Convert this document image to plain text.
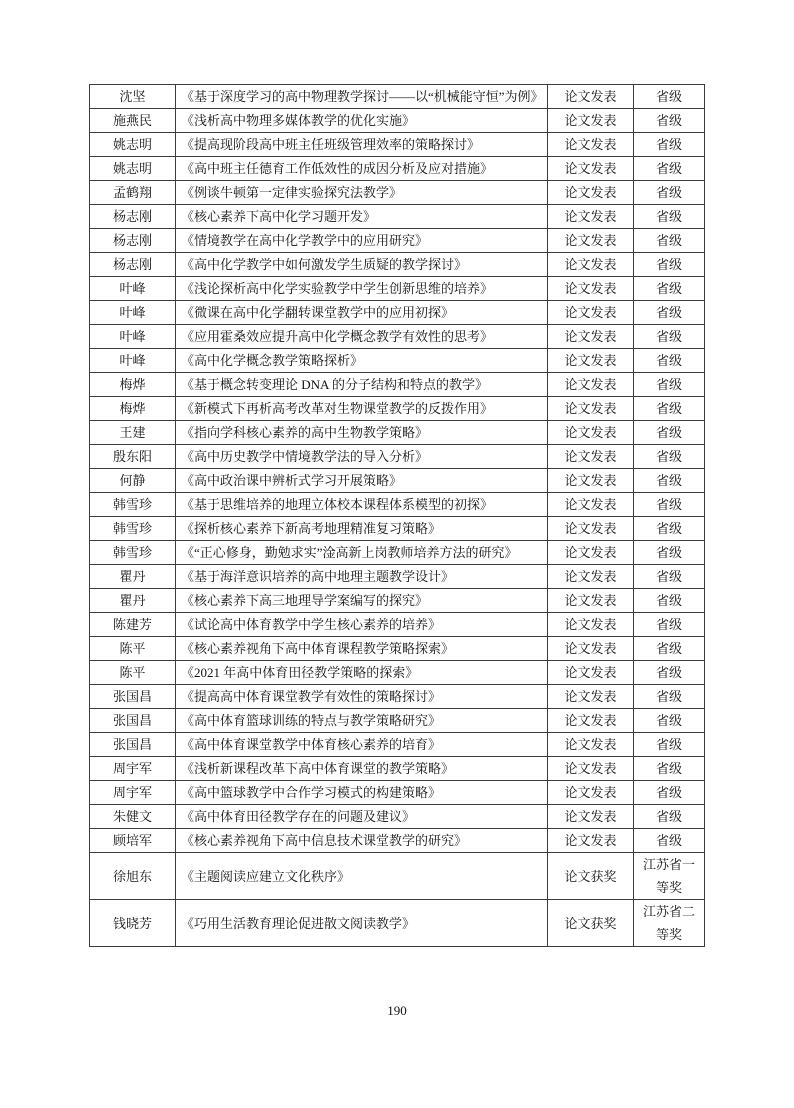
沈坚	《基于深度学习的高中物理教学探讨——以“机械能守恒”为例》	论文发表	省级
施燕民	《浅析高中物理多媒体教学的优化实施》	论文发表	省级
姚志明	《提高现阶段高中班主任班级管理效率的策略探讨》	论文发表	省级
姚志明	《高中班主任德育工作低效性的成因分析及应对措施》	论文发表	省级
孟鹤翔	《例谈牛顿第一定律实验探究法教学》	论文发表	省级
杨志刚	《核心素养下高中化学习题开发》	论文发表	省级
杨志刚	《情境教学在高中化学教学中的应用研究》	论文发表	省级
杨志刚	《高中化学教学中如何激发学生质疑的教学探讨》	论文发表	省级
叶峰	《浅论探析高中化学实验教学中学生创新思维的培养》	论文发表	省级
叶峰	《微课在高中化学翻转课堂教学中的应用初探》	论文发表	省级
叶峰	《应用霍桑效应提升高中化学概念教学有效性的思考》	论文发表	省级
叶峰	《高中化学概念教学策略探析》	论文发表	省级
梅烨	《基于概念转变理论 DNA 的分子结构和特点的教学》	论文发表	省级
梅烨	《新模式下再析高考改革对生物课堂教学的反拨作用》	论文发表	省级
王建	《指向学科核心素养的高中生物教学策略》	论文发表	省级
殷东阳	《高中历史教学中情境教学法的导入分析》	论文发表	省级
何静	《高中政治课中辨析式学习开展策略》	论文发表	省级
韩雪珍	《基于思维培养的地理立体校本课程体系模型的初探》	论文发表	省级
韩雪珍	《探析核心素养下新高考地理精准复习策略》	论文发表	省级
韩雪珍	《“正心修身，勤勉求实”淦高新上岗教师培养方法的研究》	论文发表	省级
瞿丹	《基于海洋意识培养的高中地理主题教学设计》	论文发表	省级
瞿丹	《核心素养下高三地理导学案编写的探究》	论文发表	省级
陈建芳	《试论高中体育教学中学生核心素养的培养》	论文发表	省级
陈平	《核心素养视角下高中体育课程教学策略探索》	论文发表	省级
陈平	《2021 年高中体育田径教学策略的探索》	论文发表	省级
张国昌	《提高高中体育课堂教学有效性的策略探讨》	论文发表	省级
张国昌	《高中体育篮球训练的特点与教学策略研究》	论文发表	省级
张国昌	《高中体育课堂教学中体育核心素养的培育》	论文发表	省级
周宇军	《浅析新课程改革下高中体育课堂的教学策略》	论文发表	省级
周宇军	《高中篮球教学中合作学习模式的构建策略》	论文发表	省级
朱健文	《高中体育田径教学存在的问题及建议》	论文发表	省级
顾培军	《核心素养视角下高中信息技术课堂教学的研究》	论文发表	省级
徐旭东	《主题阅读应建立文化秩序》	论文获奖	江苏省一等奖
钱晓芳	《巧用生活教育理论促进散文阅读教学》	论文获奖	江苏省二等奖
190
